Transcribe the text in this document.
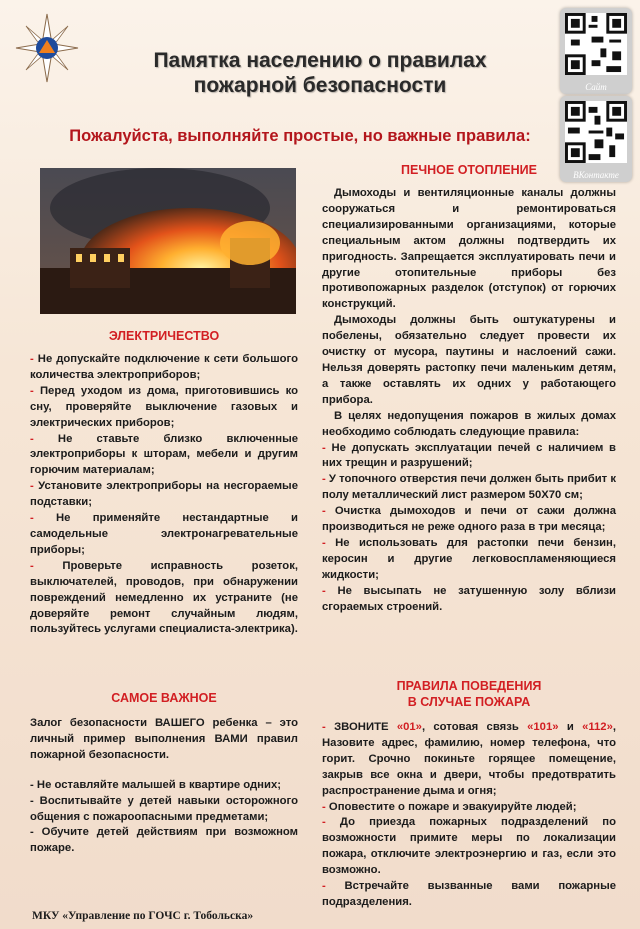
Памятка населению о правилах
пожарной безопасности	Сайт
ВКонтакте
Пожалуйста, выполняйте простые, но важные правила:
ЭЛЕКТРИЧЕСТВО

- Не допускайте подключение к сети большого количества электроприборов;

- Перед уходом из дома, приготовившись ко сну, проверяйте выключение газовых и электрических приборов;

- Не ставьте близко включенные электроприборы к шторам, мебели и другим горючим материалам;

- Установите электроприборы на несгораемые подставки;

- Не применяйте нестандартные и самодельные электронагревательные приборы;

-	Проверьте исправность розеток, выключателей, проводов, при обнаружении повреждений немедленно их устраните (не доверяйте ремонт случайным людям, пользуйтесь услугами специалиста-электрика).

САМОЕ ВАЖНОЕ

Залог безопасности ВАШЕГО ребенка – это личный пример выполнения ВАМИ правил пожарной безопасности.

- Не оставляйте малышей в квартире одних;

- Воспитывайте у детей навыки осторожного общения с пожароопасными предметами;

- Обучите детей действиям при возможном пожаре.

МКУ «Управление по ГОЧС г. Тобольска»
ПЕЧНОЕ ОТОПЛЕНИЕ

Дымоходы и вентиляционные каналы должны сооружаться и ремонтироваться специализированными организациями, которые специальным актом должны подтвердить их пригодность. Запрещается эксплуатировать печи и другие отопительные приборы без противопожарных разделок (отступок) от горючих конструкций.

Дымоходы должны быть оштукатурены и побелены, обязательно следует провести их очистку от мусора, паутины и наслоений сажи. Нельзя доверять растопку печи маленьким детям, а также оставлять их одних у работающего прибора.

В целях недопущения пожаров в жилых домах необходимо соблюдать следующие правила:

- Не допускать эксплуатации печей с наличием в них трещин и разрушений;

- У топочного отверстия печи должен быть прибит к полу металлический лист размером 50Х70 см;

- Очистка дымоходов и печи от сажи должна производиться не реже одного раза в три месяца;

- Не использовать для растопки печи бензин, керосин и другие легковоспламеняющиеся жидкости;

- Не высыпать не затушенную золу вблизи сгораемых строений.

ПРАВИЛА ПОВЕДЕНИЯ
В СЛУЧАЕ ПОЖАРА

- ЗВОНИТЕ «01», сотовая связь «101» и «112», Назовите адрес, фамилию, номер телефона, что горит. Срочно покиньте горящее помещение, закрыв все окна и двери, чтобы предотвратить распространение дыма и огня;

- Оповестите о пожаре и эвакуируйте людей;

- До приезда пожарных подразделений по возможности примите меры по локализации пожара, отключите электроэнергию и газ, если это возможно.

- Встречайте вызванные вами пожарные подразделения.
